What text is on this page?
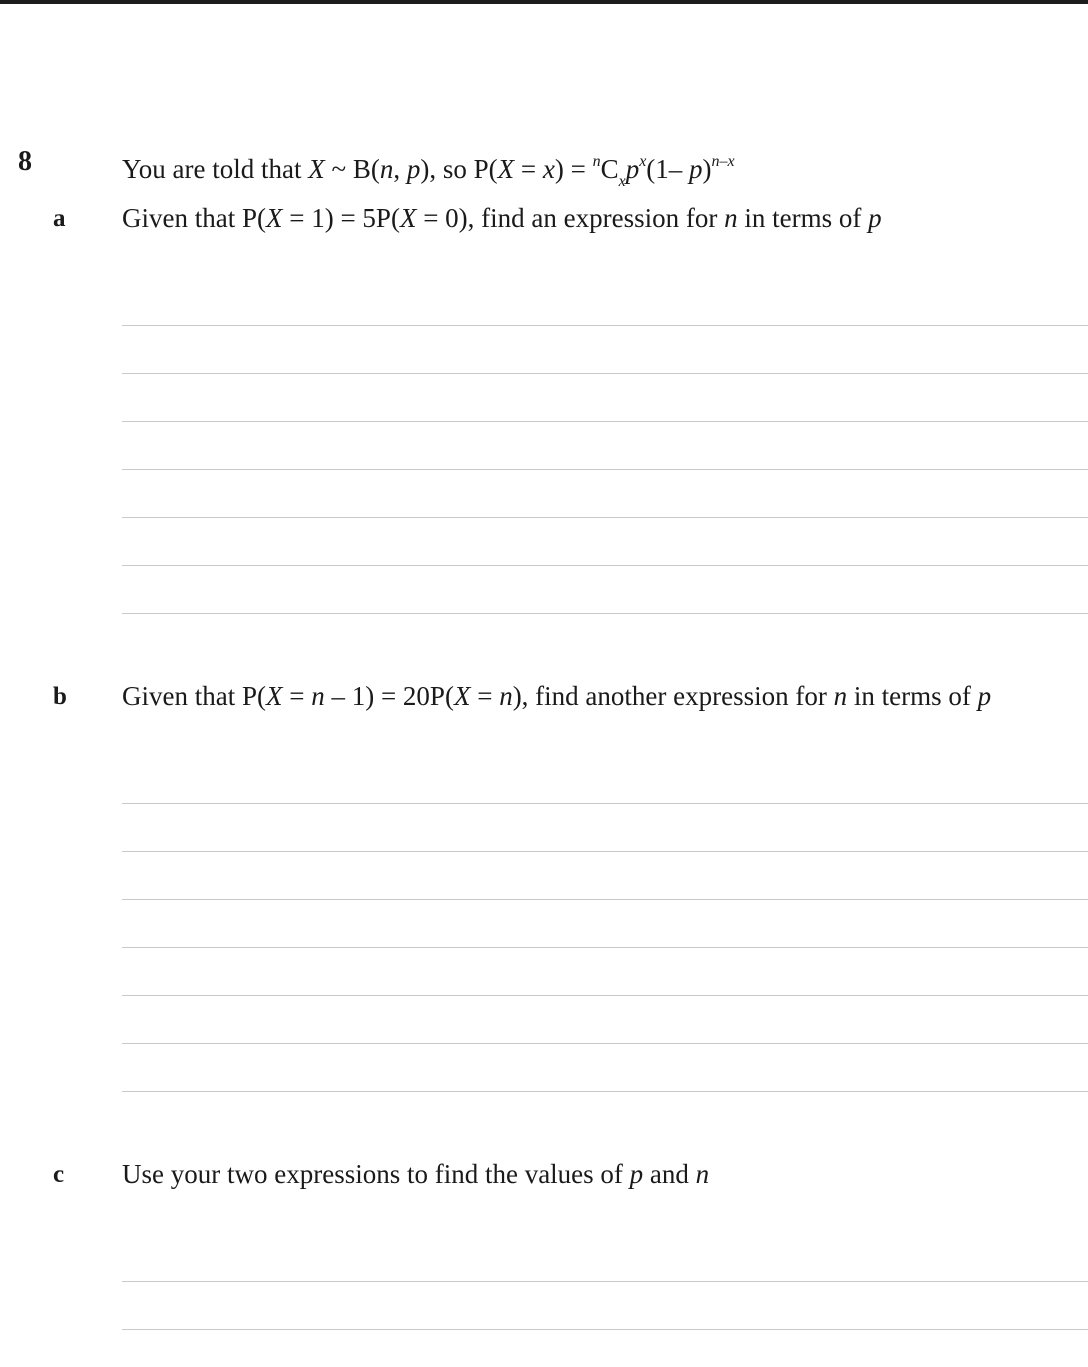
8	You are told that X ~ B(n, p), so $P(X = x) = ^nC_xp^x(1-$ p)$^{n-x}$
a Given that P(X = 1) = 5P(X = 0), find an expression for n in terms of p
b Given that P(X = n – 1) = 20P(X = n), find another expression for n in terms of p
c Use your two expressions to find the values of p and n
